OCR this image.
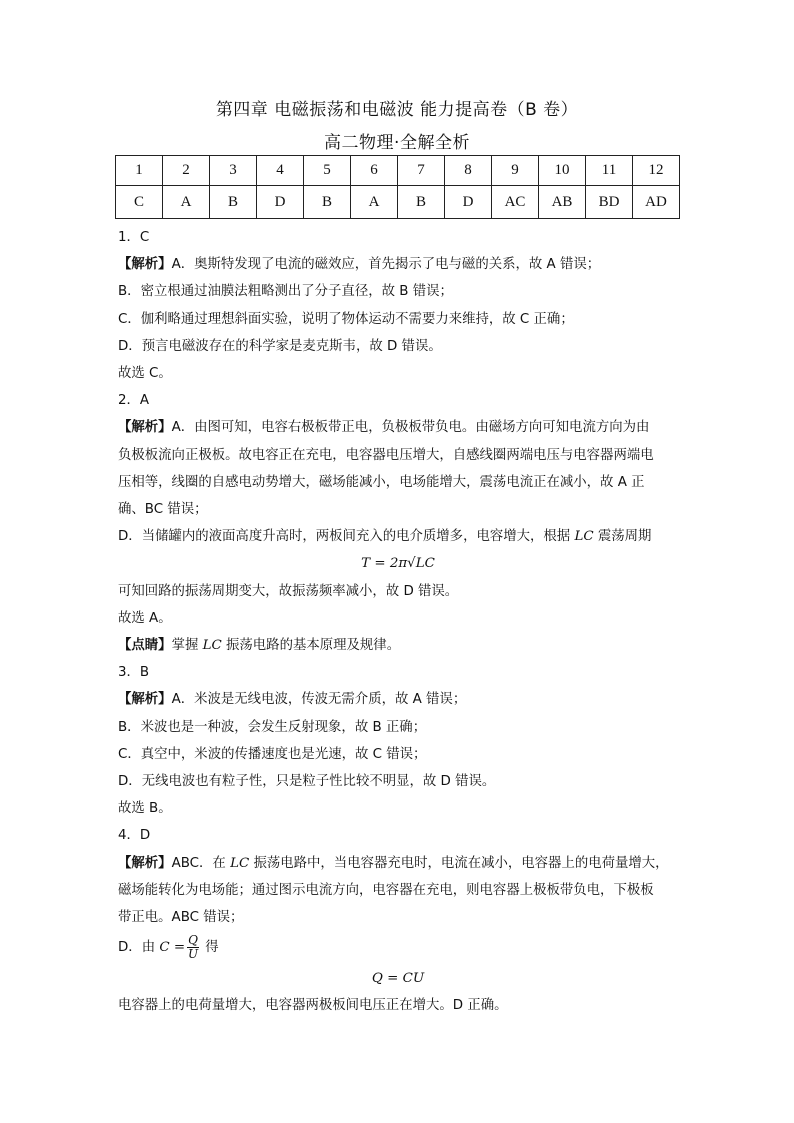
第四章 电磁振荡和电磁波 能力提高卷（B 卷）
高二物理·全解全析
1	2	3	4	5	6	7	8	9	10	11	12
C	A	B	D	B	A	B	D	AC	AB	BD	AD
1．C
【解析】A．奥斯特发现了电流的磁效应，首先揭示了电与磁的关系，故 A 错误；
B．密立根通过油膜法粗略测出了分子直径，故 B 错误；
C．伽利略通过理想斜面实验，说明了物体运动不需要力来维持，故 C 正确；
D．预言电磁波存在的科学家是麦克斯韦，故 D 错误。
故选 C。
2．A
【解析】A．由图可知，电容右极板带正电，负极板带负电。由磁场方向可知电流方向为由
负极板流向正极板。故电容正在充电，电容器电压增大，自感线圈两端电压与电容器两端电
压相等，线圈的自感电动势增大，磁场能减小，电场能增大，震荡电流正在减小，故 A 正
确、BC 错误；
D．当储罐内的液面高度升高时，两板间充入的电介质增多，电容增大，根据 LC 震荡周期
T = 2π√LC
可知回路的振荡周期变大，故振荡频率减小，故 D 错误。
故选 A。
【点睛】掌握 LC 振荡电路的基本原理及规律。
3．B
【解析】A．米波是无线电波，传波无需介质，故 A 错误；
B．米波也是一种波，会发生反射现象，故 B 正确；
C．真空中，米波的传播速度也是光速，故 C 错误；
D．无线电波也有粒子性，只是粒子性比较不明显，故 D 错误。
故选 B。
4．D
【解析】ABC．在 LC 振荡电路中，当电容器充电时，电流在减小，电容器上的电荷量增大，
磁场能转化为电场能；通过图示电流方向，电容器在充电，则电容器上极板带负电，下极板
带正电。ABC 错误；
D．由 $C = \frac{Q}{U}$ 得
Q = CU
电容器上的电荷量增大，电容器两极板间电压正在增大。D 正确。
